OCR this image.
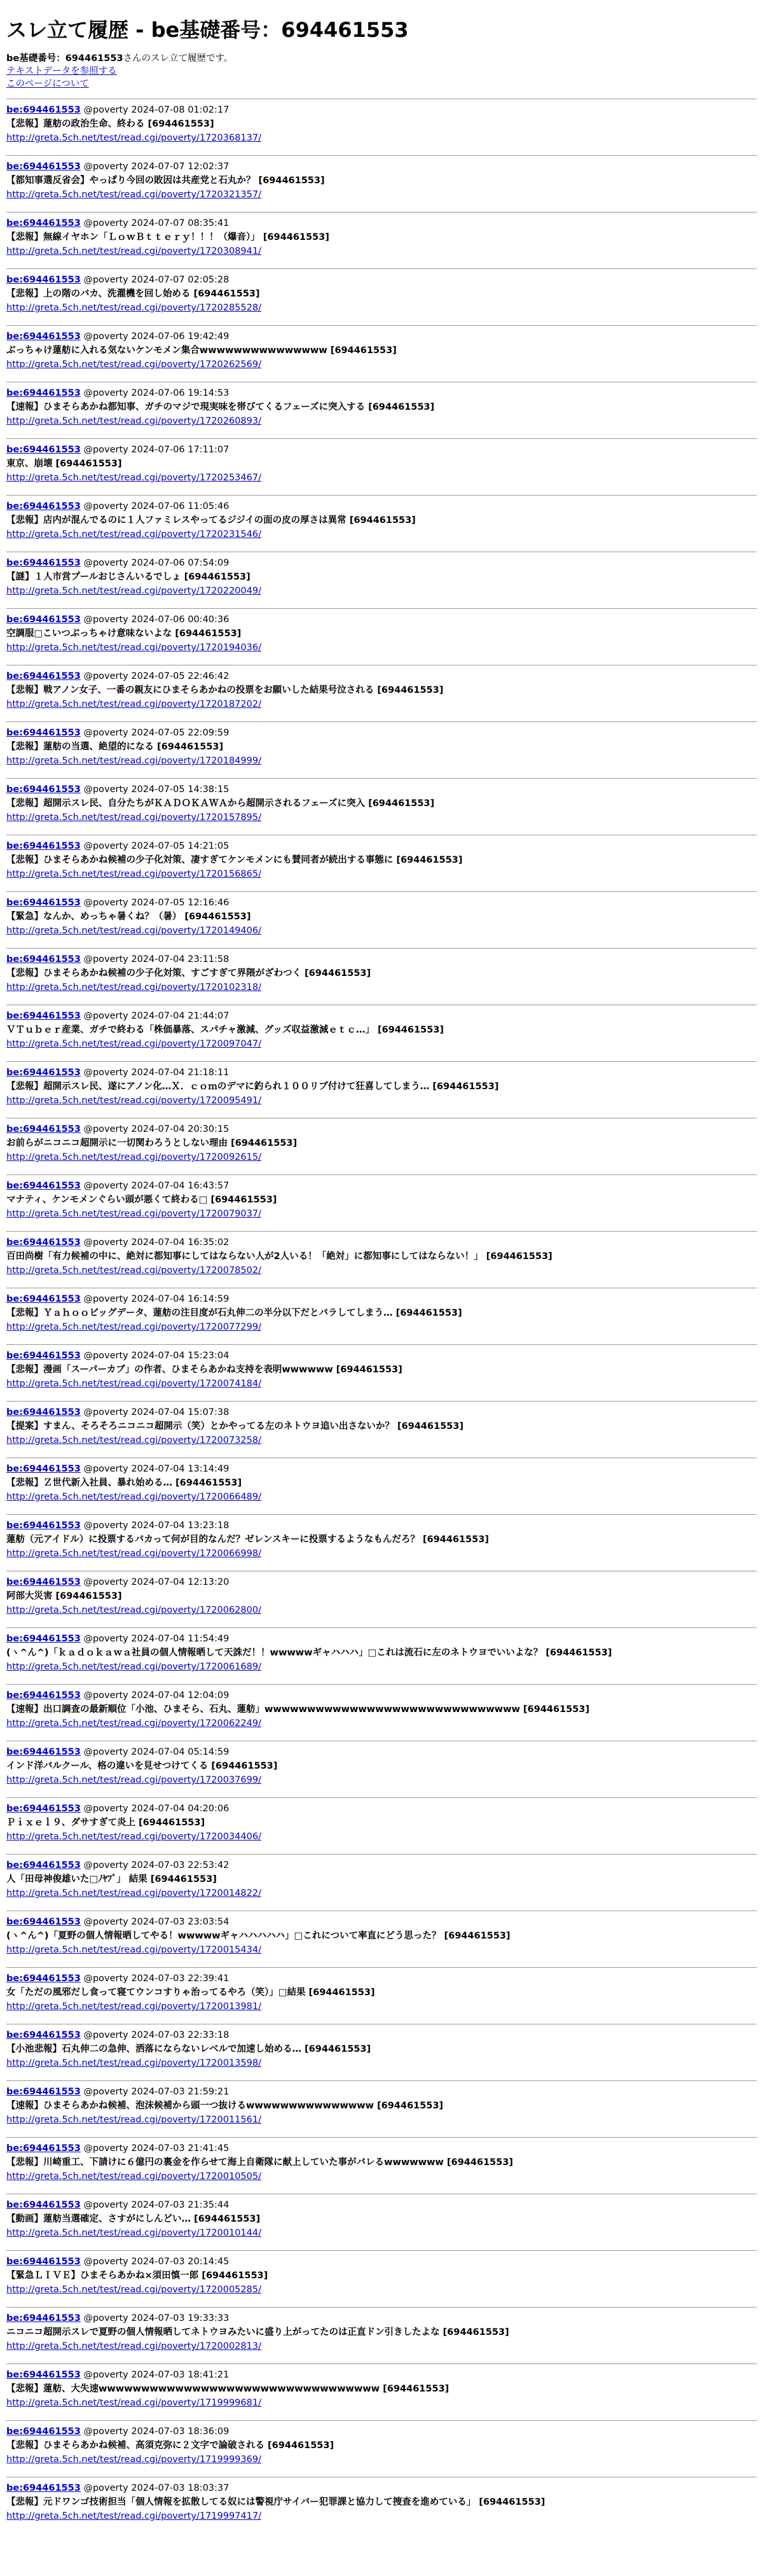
スレ立て履歴 - be基礎番号：694461553
be基礎番号：694461553さんのスレ立て履歴です。
テキストデータを参照する
このページについて
be:694461553 @poverty 2024-07-08 01:02:17
【悲報】蓮舫の政治生命、終わる [694461553]
http://greta.5ch.net/test/read.cgi/poverty/1720368137/
be:694461553 @poverty 2024-07-07 12:02:37
【都知事選反省会】やっぱり今回の敗因は共産党と石丸か？ [694461553]
http://greta.5ch.net/test/read.cgi/poverty/1720321357/
be:694461553 @poverty 2024-07-07 08:35:41
【悲報】無線イヤホン「ＬｏｗＢｔｔｅｒｙ！！！（爆音）」 [694461553]
http://greta.5ch.net/test/read.cgi/poverty/1720308941/
be:694461553 @poverty 2024-07-07 02:05:28
【悲報】上の階のバカ、洗濯機を回し始める [694461553]
http://greta.5ch.net/test/read.cgi/poverty/1720285528/
be:694461553 @poverty 2024-07-06 19:42:49
ぶっちゃけ蓮舫に入れる気ないケンモメン集合wwwwwwwwwwwwwww [694461553]
http://greta.5ch.net/test/read.cgi/poverty/1720262569/
be:694461553 @poverty 2024-07-06 19:14:53
【速報】ひまそらあかね都知事、ガチのマジで現実味を帯びてくるフェーズに突入する [694461553]
http://greta.5ch.net/test/read.cgi/poverty/1720260893/
be:694461553 @poverty 2024-07-06 17:11:07
東京、崩壊 [694461553]
http://greta.5ch.net/test/read.cgi/poverty/1720253467/
be:694461553 @poverty 2024-07-06 11:05:46
【悲報】店内が混んでるのに１人ファミレスやってるジジイの面の皮の厚さは異常 [694461553]
http://greta.5ch.net/test/read.cgi/poverty/1720231546/
be:694461553 @poverty 2024-07-06 07:54:09
【謎】１人市営プールおじさんいるでしょ [694461553]
http://greta.5ch.net/test/read.cgi/poverty/1720220049/
be:694461553 @poverty 2024-07-06 00:40:36
空調服□こいつぶっちゃけ意味ないよな [694461553]
http://greta.5ch.net/test/read.cgi/poverty/1720194036/
be:694461553 @poverty 2024-07-05 22:46:42
【悲報】戦アノン女子、一番の親友にひまそらあかねの投票をお願いした結果号泣される [694461553]
http://greta.5ch.net/test/read.cgi/poverty/1720187202/
be:694461553 @poverty 2024-07-05 22:09:59
【悲報】蓮舫の当選、絶望的になる [694461553]
http://greta.5ch.net/test/read.cgi/poverty/1720184999/
be:694461553 @poverty 2024-07-05 14:38:15
【悲報】超開示スレ民、自分たちがＫＡＤＯＫＡＷＡから超開示されるフェーズに突入 [694461553]
http://greta.5ch.net/test/read.cgi/poverty/1720157895/
be:694461553 @poverty 2024-07-05 14:21:05
【悲報】ひまそらあかね候補の少子化対策、凄すぎてケンモメンにも賛同者が続出する事態に [694461553]
http://greta.5ch.net/test/read.cgi/poverty/1720156865/
be:694461553 @poverty 2024-07-05 12:16:46
【緊急】なんか、めっちゃ暑くね？（暑） [694461553]
http://greta.5ch.net/test/read.cgi/poverty/1720149406/
be:694461553 @poverty 2024-07-04 23:11:58
【悲報】ひまそらあかね候補の少子化対策、すごすぎて界隈がざわつく [694461553]
http://greta.5ch.net/test/read.cgi/poverty/1720102318/
be:694461553 @poverty 2024-07-04 21:44:07
ＶＴｕｂｅｒ産業、ガチで終わる「株価暴落、スパチャ激減、グッズ収益激減ｅｔｃ…」 [694461553]
http://greta.5ch.net/test/read.cgi/poverty/1720097047/
be:694461553 @poverty 2024-07-04 21:18:11
【悲報】超開示スレ民、遂にアノン化…Ｘ．ｃｏｍのデマに釣られ１００リプ付けて狂喜してしまう… [694461553]
http://greta.5ch.net/test/read.cgi/poverty/1720095491/
be:694461553 @poverty 2024-07-04 20:30:15
お前らがニコニコ超開示に一切関わろうとしない理由 [694461553]
http://greta.5ch.net/test/read.cgi/poverty/1720092615/
be:694461553 @poverty 2024-07-04 16:43:57
マナティ、ケンモメンぐらい頭が悪くて終わる□ [694461553]
http://greta.5ch.net/test/read.cgi/poverty/1720079037/
be:694461553 @poverty 2024-07-04 16:35:02
百田尚樹「有力候補の中に、絶対に都知事にしてはならない人が2人いる！「絶対」に都知事にしてはならない！」 [694461553]
http://greta.5ch.net/test/read.cgi/poverty/1720078502/
be:694461553 @poverty 2024-07-04 16:14:59
【悲報】Ｙａｈｏｏビッグデータ、蓮舫の注目度が石丸伸二の半分以下だとバラしてしまう… [694461553]
http://greta.5ch.net/test/read.cgi/poverty/1720077299/
be:694461553 @poverty 2024-07-04 15:23:04
【悲報】漫画「スーパーカブ」の作者、ひまそらあかね支持を表明wwwwww [694461553]
http://greta.5ch.net/test/read.cgi/poverty/1720074184/
be:694461553 @poverty 2024-07-04 15:07:38
【提案】すまん、そろそろニコニコ超開示（笑）とかやってる左のネトウヨ追い出さないか？ [694461553]
http://greta.5ch.net/test/read.cgi/poverty/1720073258/
be:694461553 @poverty 2024-07-04 13:14:49
【悲報】Ｚ世代新入社員、暴れ始める… [694461553]
http://greta.5ch.net/test/read.cgi/poverty/1720066489/
be:694461553 @poverty 2024-07-04 13:23:18
蓮舫（元アイドル）に投票するバカって何が目的なんだ？ゼレンスキーに投票するようなもんだろ？ [694461553]
http://greta.5ch.net/test/read.cgi/poverty/1720066998/
be:694461553 @poverty 2024-07-04 12:13:20
阿部大災害 [694461553]
http://greta.5ch.net/test/read.cgi/poverty/1720062800/
be:694461553 @poverty 2024-07-04 11:54:49
(ヽ^ん^)「ｋａｄｏｋａｗａ社員の個人情報晒して天誅だ！！wwwwwギャハハハ」□これは流石に左のネトウヨでいいよな？ [694461553]
http://greta.5ch.net/test/read.cgi/poverty/1720061689/
be:694461553 @poverty 2024-07-04 12:04:09
【速報】出口調査の最新順位「小池、ひまそら、石丸、蓮舫」wwwwwwwwwwwwwwwwwwwwwwwwwwwwww [694461553]
http://greta.5ch.net/test/read.cgi/poverty/1720062249/
be:694461553 @poverty 2024-07-04 05:14:59
インド洋バルクール、格の違いを見せつけてくる [694461553]
http://greta.5ch.net/test/read.cgi/poverty/1720037699/
be:694461553 @poverty 2024-07-04 04:20:06
Ｐｉｘｅｌ９、ダサすぎて炎上 [694461553]
http://greta.5ch.net/test/read.cgi/poverty/1720034406/
be:694461553 @poverty 2024-07-03 22:53:42
人「田母神俊雄いた□ﾉﾔﾌﾞ」 結果 [694461553]
http://greta.5ch.net/test/read.cgi/poverty/1720014822/
be:694461553 @poverty 2024-07-03 23:03:54
(ヽ^ん^)「夏野の個人情報晒してやる！wwwwwギャハハハハハ」□これについて率直にどう思った？ [694461553]
http://greta.5ch.net/test/read.cgi/poverty/1720015434/
be:694461553 @poverty 2024-07-03 22:39:41
女「ただの風邪だし食って寝てウンコすりゃ治ってるやろ（笑）」□結果 [694461553]
http://greta.5ch.net/test/read.cgi/poverty/1720013981/
be:694461553 @poverty 2024-07-03 22:33:18
【小池悲報】石丸伸二の急伸、洒落にならないレベルで加速し始める… [694461553]
http://greta.5ch.net/test/read.cgi/poverty/1720013598/
be:694461553 @poverty 2024-07-03 21:59:21
【速報】ひまそらあかね候補、泡沫候補から頭一つ抜けるwwwwwwwwwwwwwww [694461553]
http://greta.5ch.net/test/read.cgi/poverty/1720011561/
be:694461553 @poverty 2024-07-03 21:41:45
【悲報】川崎重工、下請けに６億円の裏金を作らせて海上自衛隊に献上していた事がバレるwwwwwww [694461553]
http://greta.5ch.net/test/read.cgi/poverty/1720010505/
be:694461553 @poverty 2024-07-03 21:35:44
【動画】蓮舫当選確定、さすがにしんどい… [694461553]
http://greta.5ch.net/test/read.cgi/poverty/1720010144/
be:694461553 @poverty 2024-07-03 20:14:45
【緊急ＬＩＶＥ】ひまそらあかね×須田慎一郎 [694461553]
http://greta.5ch.net/test/read.cgi/poverty/1720005285/
be:694461553 @poverty 2024-07-03 19:33:33
ニコニコ超開示スレで夏野の個人情報晒してネトウヨみたいに盛り上がってたのは正直ドン引きしたよな [694461553]
http://greta.5ch.net/test/read.cgi/poverty/1720002813/
be:694461553 @poverty 2024-07-03 18:41:21
【悲報】蓮舫、大失速wwwwwwwwwwwwwwwwwwwwwwwwwwwwwwwww [694461553]
http://greta.5ch.net/test/read.cgi/poverty/1719999681/
be:694461553 @poverty 2024-07-03 18:36:09
【悲報】ひまそらあかね候補、高須克弥に２文字で論破される [694461553]
http://greta.5ch.net/test/read.cgi/poverty/1719999369/
be:694461553 @poverty 2024-07-03 18:03:37
【悲報】元ドワンゴ技術担当「個人情報を拡散してる奴には警視庁サイバー犯罪課と協力して捜査を進めている」 [694461553]
http://greta.5ch.net/test/read.cgi/poverty/1719997417/
